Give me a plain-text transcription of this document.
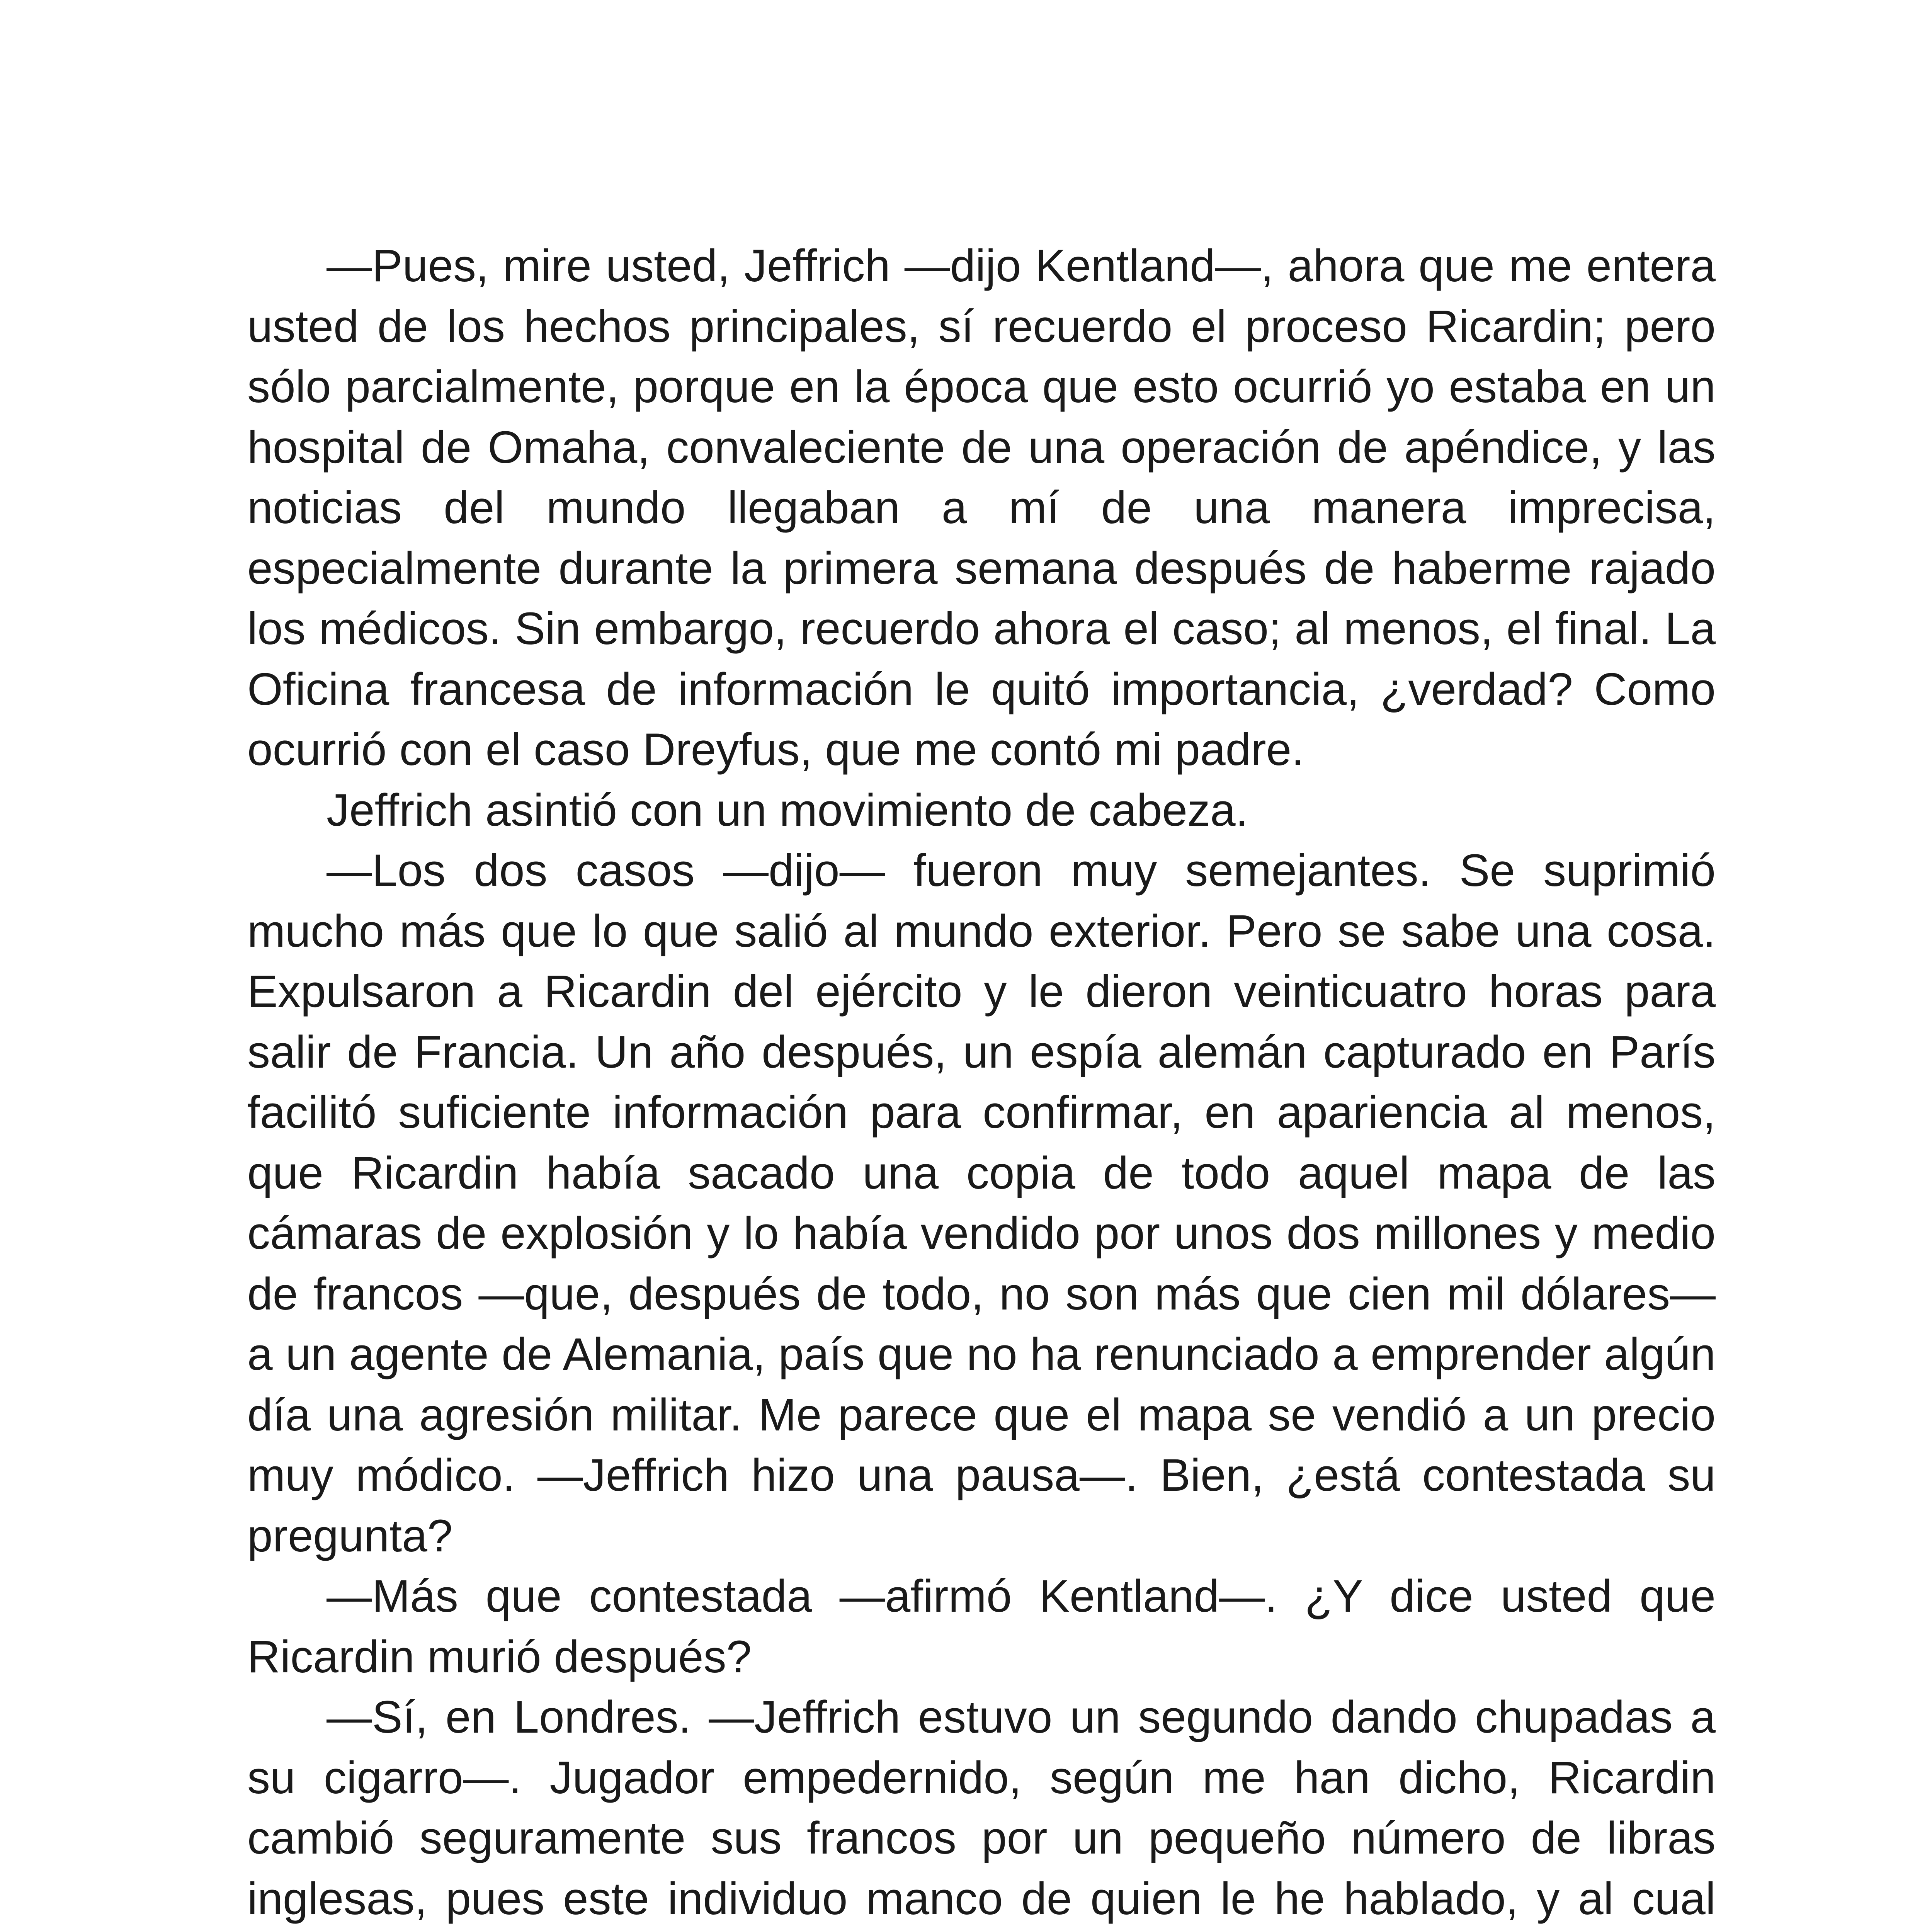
—Pues, mire usted, Jeffrich —dijo Kentland—, ahora que me entera usted de los hechos principales, sí recuerdo el proceso Ricardin; pero sólo parcialmente, porque en la época que esto ocurrió yo estaba en un hospital de Omaha, convaleciente de una operación de apéndice, y las noticias del mundo llegaban a mí de una manera imprecisa, especialmente durante la primera semana después de haberme rajado los médicos. Sin embargo, recuerdo ahora el caso; al menos, el final. La Oficina francesa de información le quitó importancia, ¿verdad? Como ocurrió con el caso Dreyfus, que me contó mi padre.

Jeffrich asintió con un movimiento de cabeza.

—Los dos casos —dijo— fueron muy semejantes. Se suprimió mucho más que lo que salió al mundo exterior. Pero se sabe una cosa. Expulsaron a Ricardin del ejército y le dieron veinticuatro horas para salir de Francia. Un año después, un espía alemán capturado en París facilitó suficiente información para confirmar, en apariencia al menos, que Ricardin había sacado una copia de todo aquel mapa de las cámaras de explosión y lo había vendido por unos dos millones y medio de francos —que, después de todo, no son más que cien mil dólares— a un agente de Alemania, país que no ha renunciado a emprender algún día una agresión militar. Me parece que el mapa se vendió a un precio muy módico. —Jeffrich hizo una pausa—. Bien, ¿está contestada su pregunta?

—Más que contestada —afirmó Kentland—. ¿Y dice usted que Ricardin murió después?

—Sí, en Londres. —Jeffrich estuvo un segundo dando chupadas a su cigarro—. Jugador empedernido, según me han dicho, Ricardin cambió seguramente sus francos por un pequeño número de libras inglesas, pues este individuo manco de quien le he hablado, y al cual
